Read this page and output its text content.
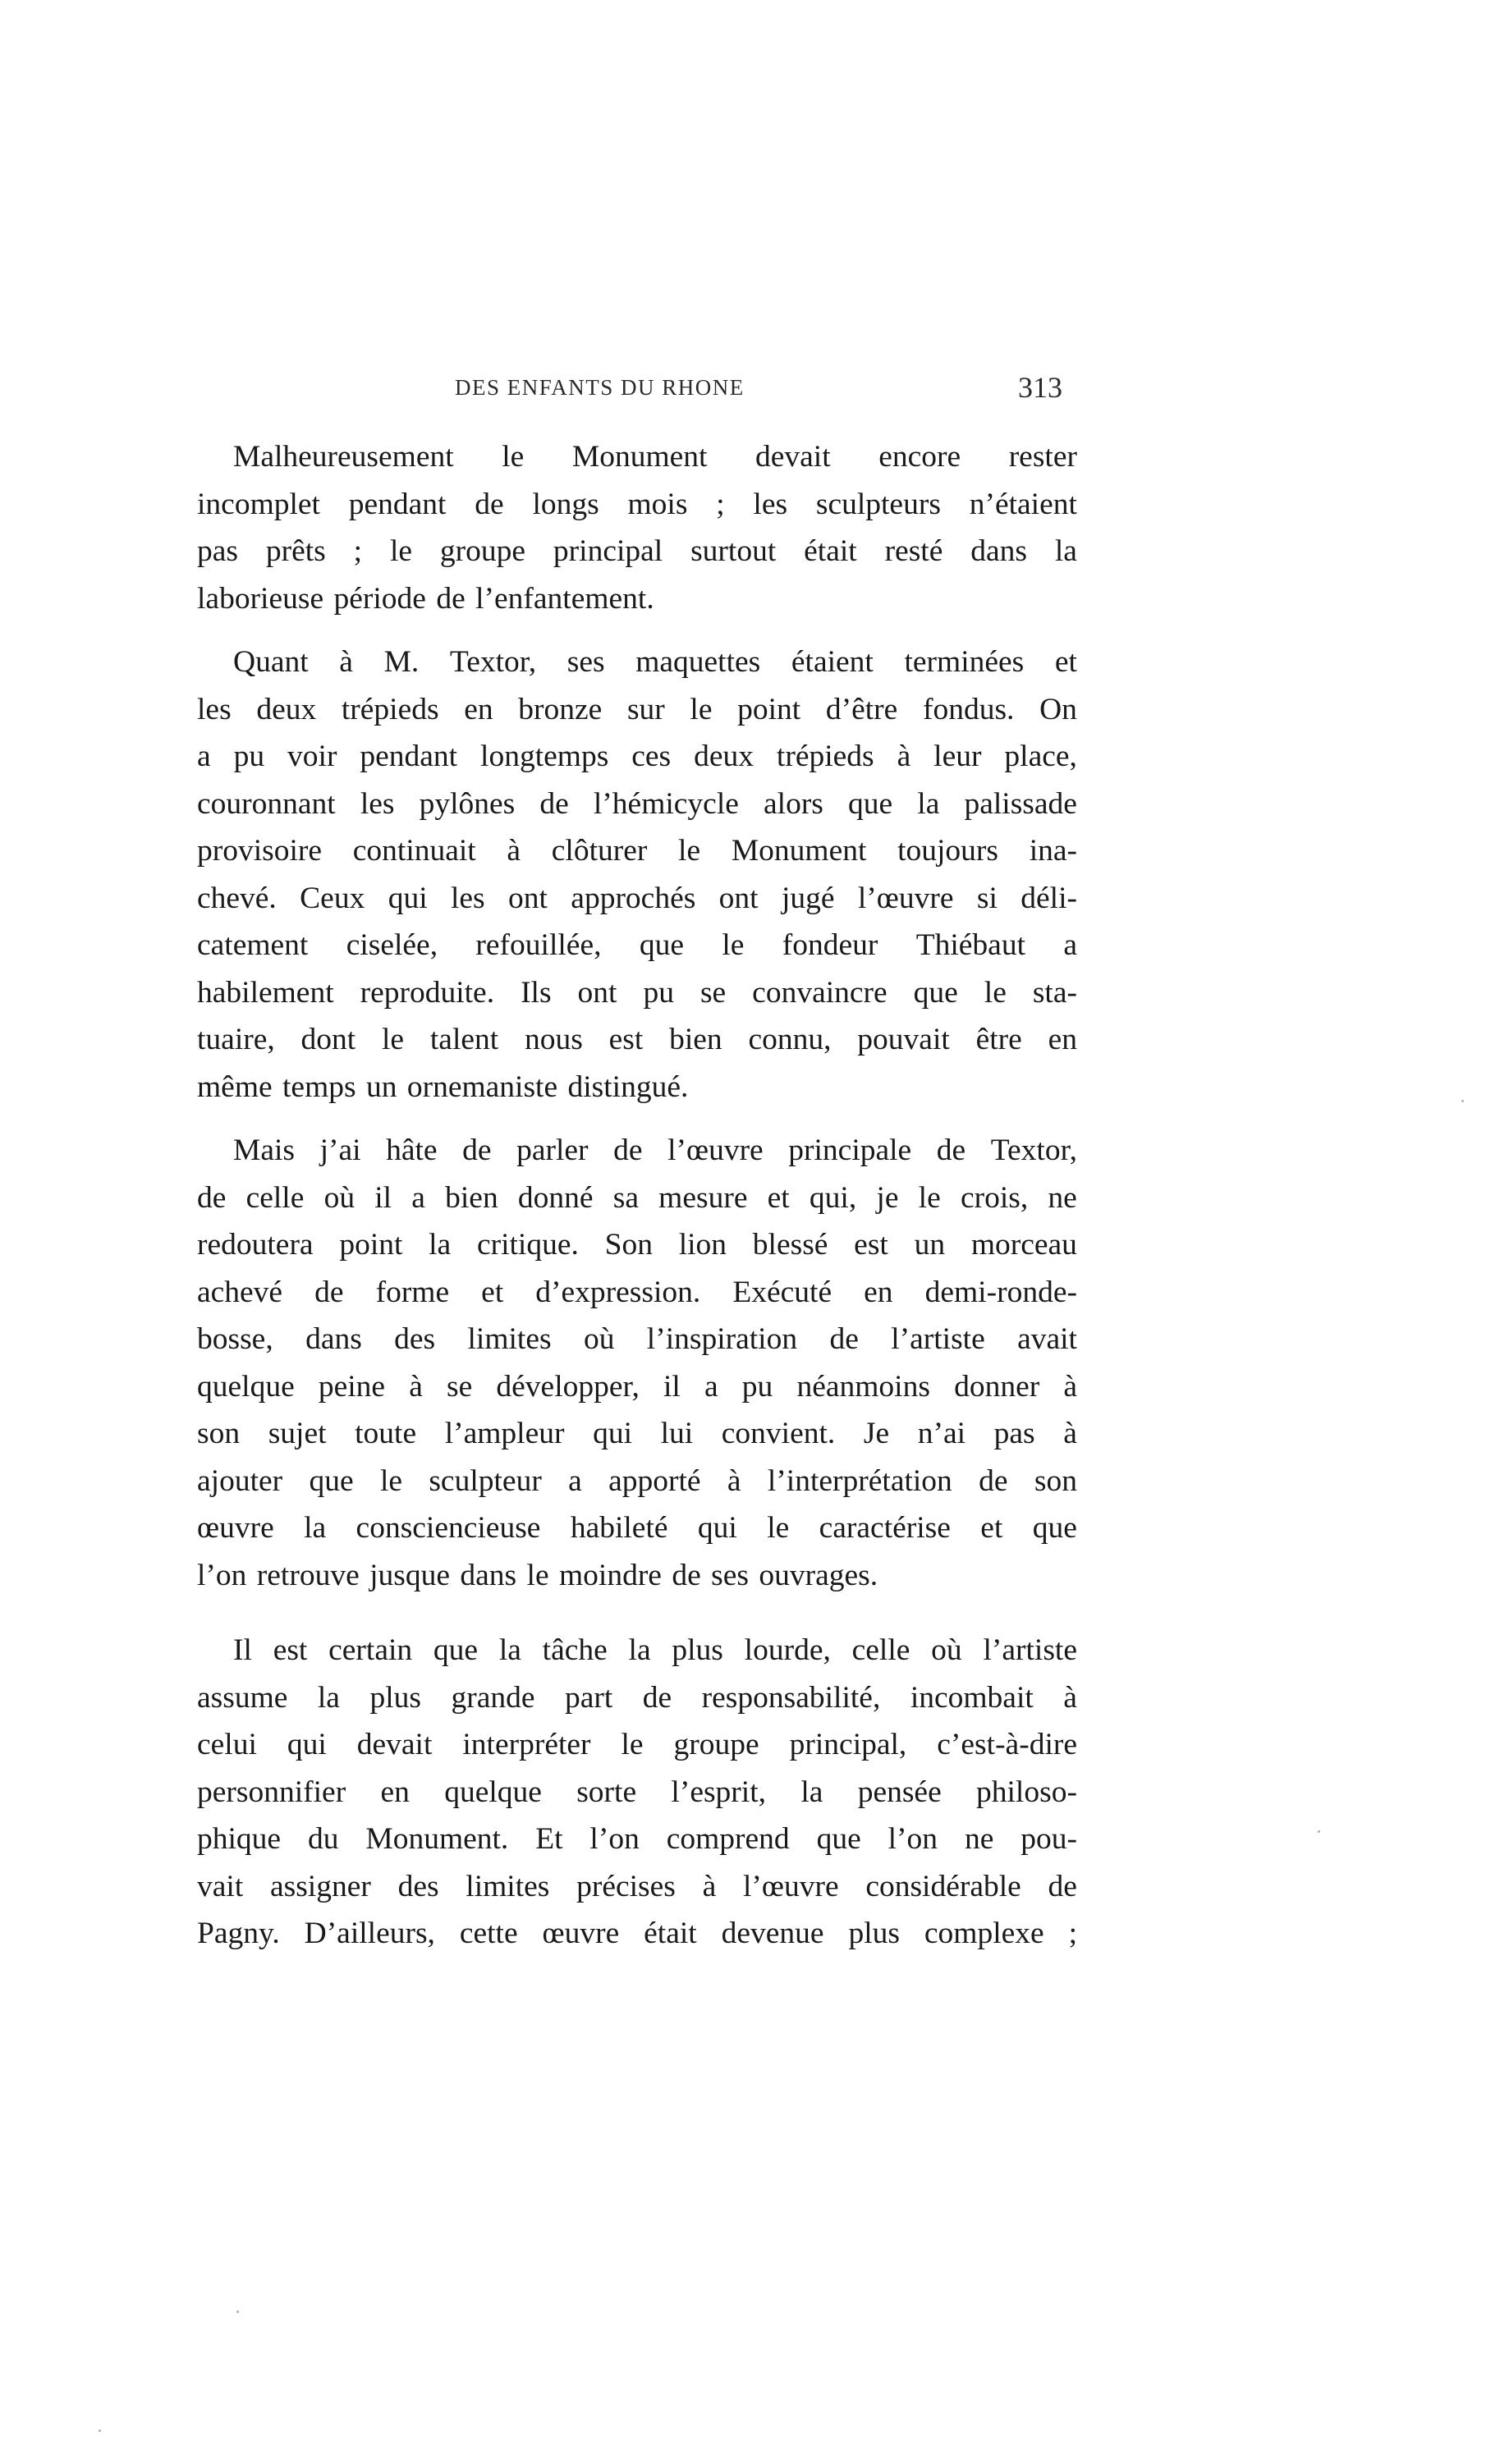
DES ENFANTS DU RHONE	313
Malheureusement le Monument devait encore rester
incomplet pendant de longs mois ; les sculpteurs n’étaient
pas prêts ; le groupe principal surtout était resté dans la
laborieuse période de l’enfantement.
Quant à M. Textor, ses maquettes étaient terminées et
les deux trépieds en bronze sur le point d’être fondus. On
a pu voir pendant longtemps ces deux trépieds à leur place,
couronnant les pylônes de l’hémicycle alors que la palissade
provisoire continuait à clôturer le Monument toujours ina-
chevé. Ceux qui les ont approchés ont jugé l’œuvre si déli-
catement ciselée, refouillée, que le fondeur Thiébaut a
habilement reproduite. Ils ont pu se convaincre que le sta-
tuaire, dont le talent nous est bien connu, pouvait être en
même temps un ornemaniste distingué.
Mais j’ai hâte de parler de l’œuvre principale de Textor,
de celle où il a bien donné sa mesure et qui, je le crois, ne
redoutera point la critique. Son lion blessé est un morceau
achevé de forme et d’expression. Exécuté en demi-ronde-
bosse, dans des limites où l’inspiration de l’artiste avait
quelque peine à se développer, il a pu néanmoins donner à
son sujet toute l’ampleur qui lui convient. Je n’ai pas à
ajouter que le sculpteur a apporté à l’interprétation de son
œuvre la consciencieuse habileté qui le caractérise et que
l’on retrouve jusque dans le moindre de ses ouvrages.
Il est certain que la tâche la plus lourde, celle où l’artiste
assume la plus grande part de responsabilité, incombait à
celui qui devait interpréter le groupe principal, c’est-à-dire
personnifier en quelque sorte l’esprit, la pensée philoso-
phique du Monument. Et l’on comprend que l’on ne pou-
vait assigner des limites précises à l’œuvre considérable de
Pagny. D’ailleurs, cette œuvre était devenue plus complexe ;
